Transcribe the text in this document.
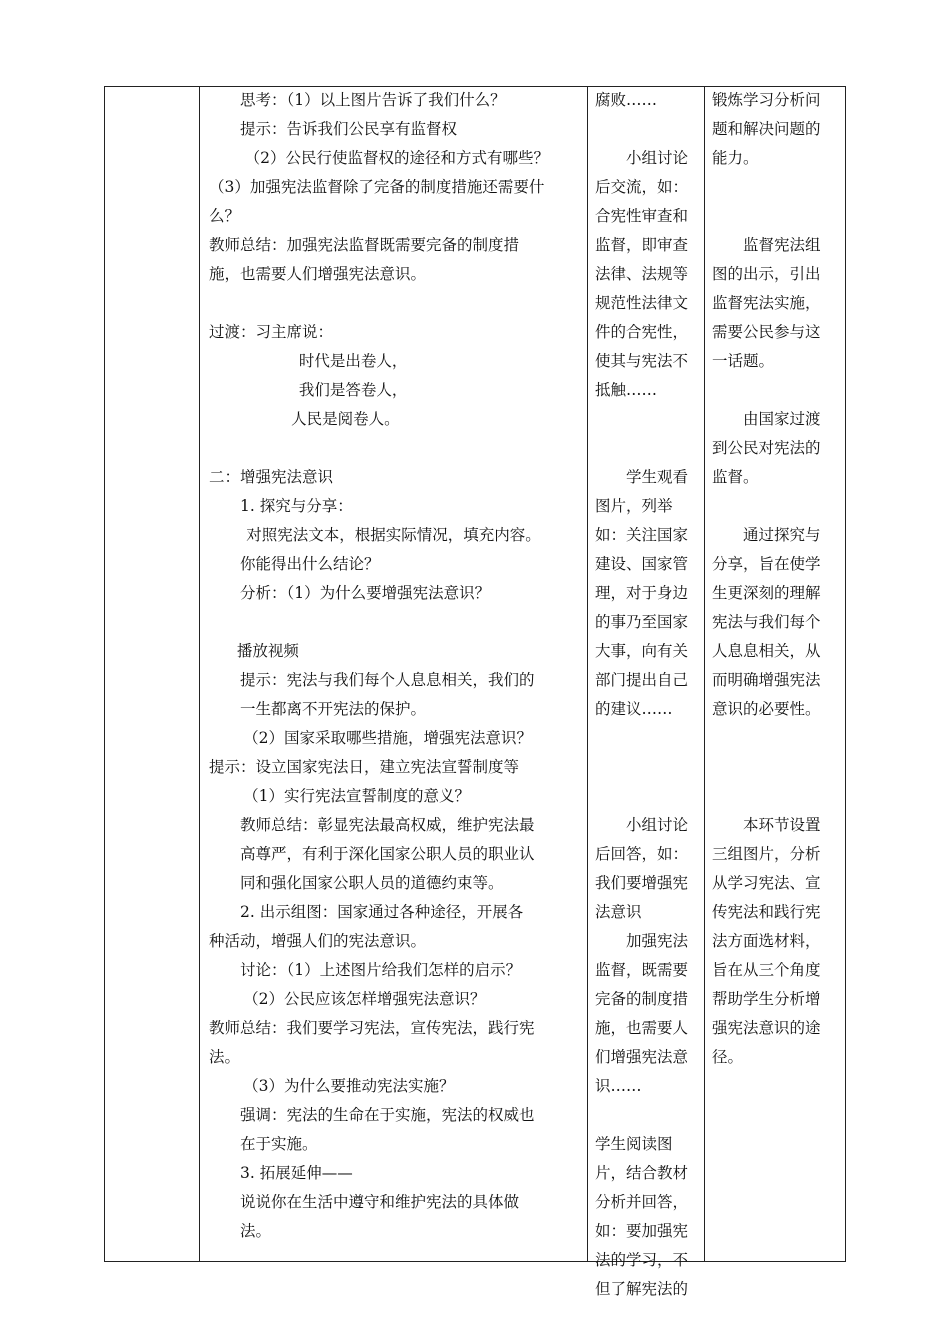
思考：（1）以上图片告诉了我们什么？
提示：告诉我们公民享有监督权
（2）公民行使监督权的途径和方式有哪些？
（3）加强宪法监督除了完备的制度措施还需要什
么？
教师总结：加强宪法监督既需要完备的制度措
施，也需要人们增强宪法意识。
过渡：习主席说：
时代是出卷人，
我们是答卷人，
人民是阅卷人。
二：增强宪法意识
1. 探究与分享：
对照宪法文本，根据实际情况，填充内容。
你能得出什么结论？
分析：（1）为什么要增强宪法意识？
播放视频
提示：宪法与我们每个人息息相关，我们的
一生都离不开宪法的保护。
（2）国家采取哪些措施，增强宪法意识？
提示：设立国家宪法日，建立宪法宣誓制度等
（1）实行宪法宣誓制度的意义？
教师总结：彰显宪法最高权威，维护宪法最
高尊严，有利于深化国家公职人员的职业认
同和强化国家公职人员的道德约束等。
2. 出示组图：国家通过各种途径，开展各
种活动，增强人们的宪法意识。
讨论：（1）上述图片给我们怎样的启示？
（2）公民应该怎样增强宪法意识？
教师总结：我们要学习宪法，宣传宪法，践行宪
法。
（3）为什么要推动宪法实施？
强调：宪法的生命在于实施，宪法的权威也
在于实施。
3. 拓展延伸——
说说你在生活中遵守和维护宪法的具体做
法。
腐败……
小组讨论
后交流，如：
合宪性审查和
监督，即审查
法律、法规等
规范性法律文
件的合宪性，
使其与宪法不
抵触……
学生观看
图片，列举
如：关注国家
建设、国家管
理，对于身边
的事乃至国家
大事，向有关
部门提出自己
的建议……
小组讨论
后回答，如：
我们要增强宪
法意识
加强宪法
监督，既需要
完备的制度措
施，也需要人
们增强宪法意
识……
学生阅读图
片，结合教材
分析并回答，
如：要加强宪
法的学习，不
但了解宪法的
锻炼学习分析问
题和解决问题的
能力。
监督宪法组
图的出示，引出
监督宪法实施，
需要公民参与这
一话题。
由国家过渡
到公民对宪法的
监督。
通过探究与
分享，旨在使学
生更深刻的理解
宪法与我们每个
人息息相关，从
而明确增强宪法
意识的必要性。
本环节设置
三组图片，分析
从学习宪法、宣
传宪法和践行宪
法方面选材料，
旨在从三个角度
帮助学生分析增
强宪法意识的途
径。
